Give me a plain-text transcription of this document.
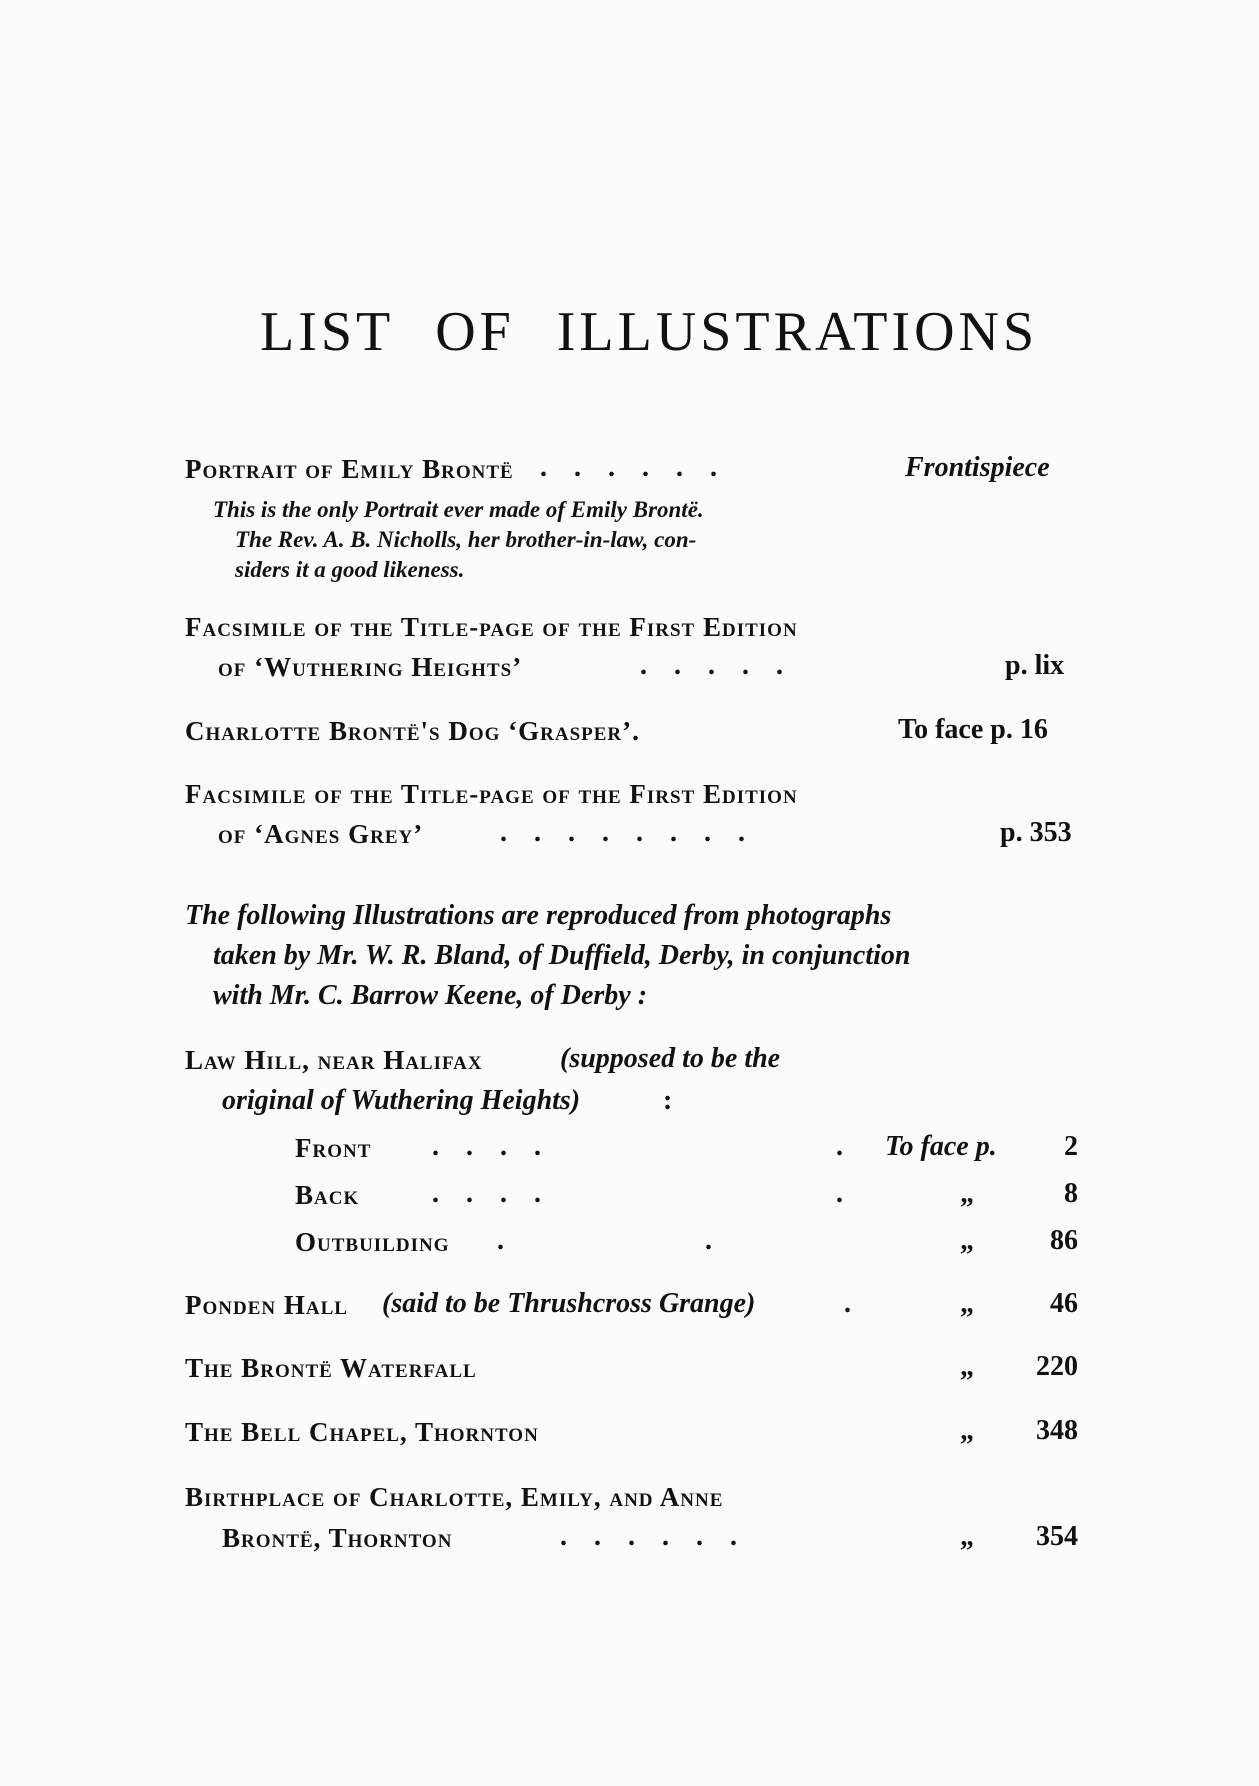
LIST OF ILLUSTRATIONS
Portrait of Emily Brontë ......	Frontispiece
This is the only Portrait ever made of Emily Brontë.
The Rev. A. B. Nicholls, her brother-in-law, con-
siders it a good likeness.
Facsimile of the Title-page of the First Edition
of ‘Wuthering Heights’	.....	p. lix
Charlotte Brontë's Dog ‘Grasper’.	To face p. 16
Facsimile of the Title-page of the First Edition
of ‘Agnes Grey’	........	p. 353
The following Illustrations are reproduced from photographs
taken by Mr. W. R. Bland, of Duffield, Derby, in conjunction
with Mr. C. Barrow Keene, of Derby :
Law Hill, near Halifax	(supposed to be the
original of Wuthering Heights)	:
Front ....	. To face p.	2
Back	....	.	„	8
Outbuilding .	.	„	86
Ponden Hall (said to be Thrushcross Grange)	.	„	46
The Brontë Waterfall	„	220
The Bell Chapel, Thornton	„	348
Birthplace of Charlotte, Emily, and Anne
Brontë, Thornton	......	„	354
